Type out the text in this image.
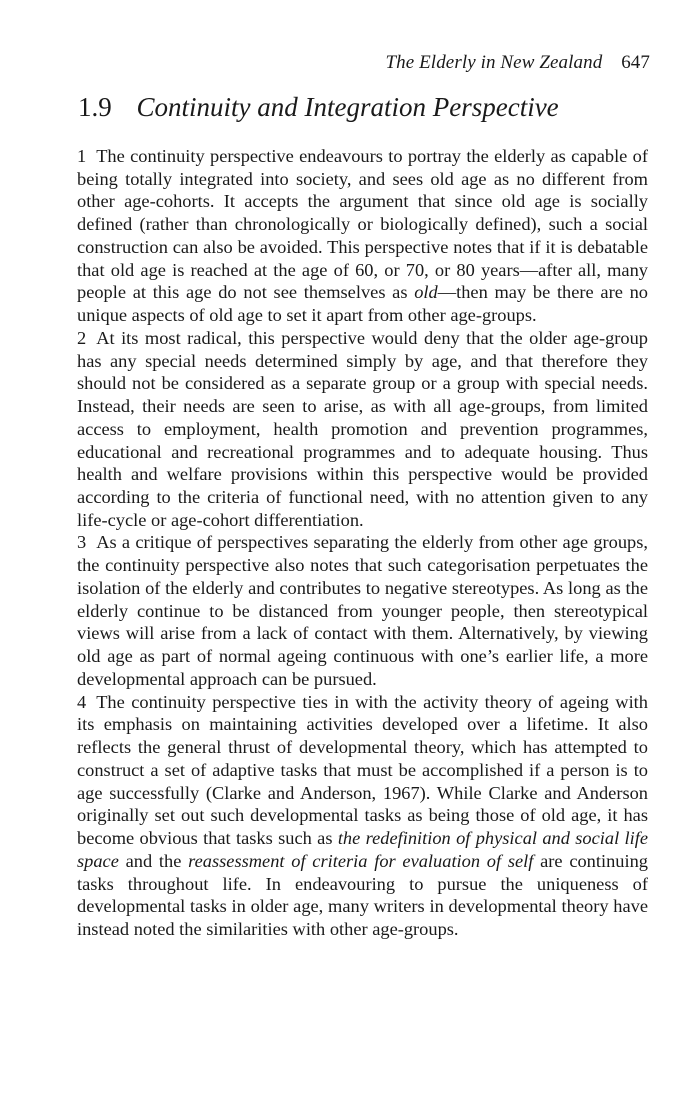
The Elderly in New Zealand 647
1.9 Continuity and Integration Perspective

1 The continuity perspective endeavours to portray the elderly as capable of being totally integrated into society, and sees old age as no different from other age-cohorts. It accepts the argument that since old age is socially defined (rather than chronologically or biologically defined), such a social construction can also be avoided. This perspective notes that if it is debatable that old age is reached at the age of 60, or 70, or 80 years—after all, many people at this age do not see themselves as old—then may be there are no unique aspects of old age to set it apart from other age-groups.

2 At its most radical, this perspective would deny that the older age-group has any special needs determined simply by age, and that therefore they should not be considered as a separate group or a group with special needs. Instead, their needs are seen to arise, as with all age-groups, from limited access to employment, health promotion and prevention programmes, educational and recreational programmes and to adequate housing. Thus health and welfare provisions within this perspective would be provided according to the criteria of functional need, with no attention given to any life-cycle or age-cohort differentiation.

3 As a critique of perspectives separating the elderly from other age groups, the continuity perspective also notes that such categorisation perpetuates the isolation of the elderly and contributes to negative stereotypes. As long as the elderly continue to be distanced from younger people, then stereotypical views will arise from a lack of contact with them. Alternatively, by viewing old age as part of normal ageing continuous with one’s earlier life, a more developmental approach can be pursued.

4 The continuity perspective ties in with the activity theory of ageing with its emphasis on maintaining activities developed over a lifetime. It also reflects the general thrust of developmental theory, which has attempted to construct a set of adaptive tasks that must be accomplished if a person is to age successfully (Clarke and Anderson, 1967). While Clarke and Anderson originally set out such developmental tasks as being those of old age, it has become obvious that tasks such as the redefinition of physical and social life space and the reassessment of criteria for evaluation of self are continuing tasks throughout life. In endeavouring to pursue the uniqueness of developmental tasks in older age, many writers in developmental theory have instead noted the similarities with other age-groups.
